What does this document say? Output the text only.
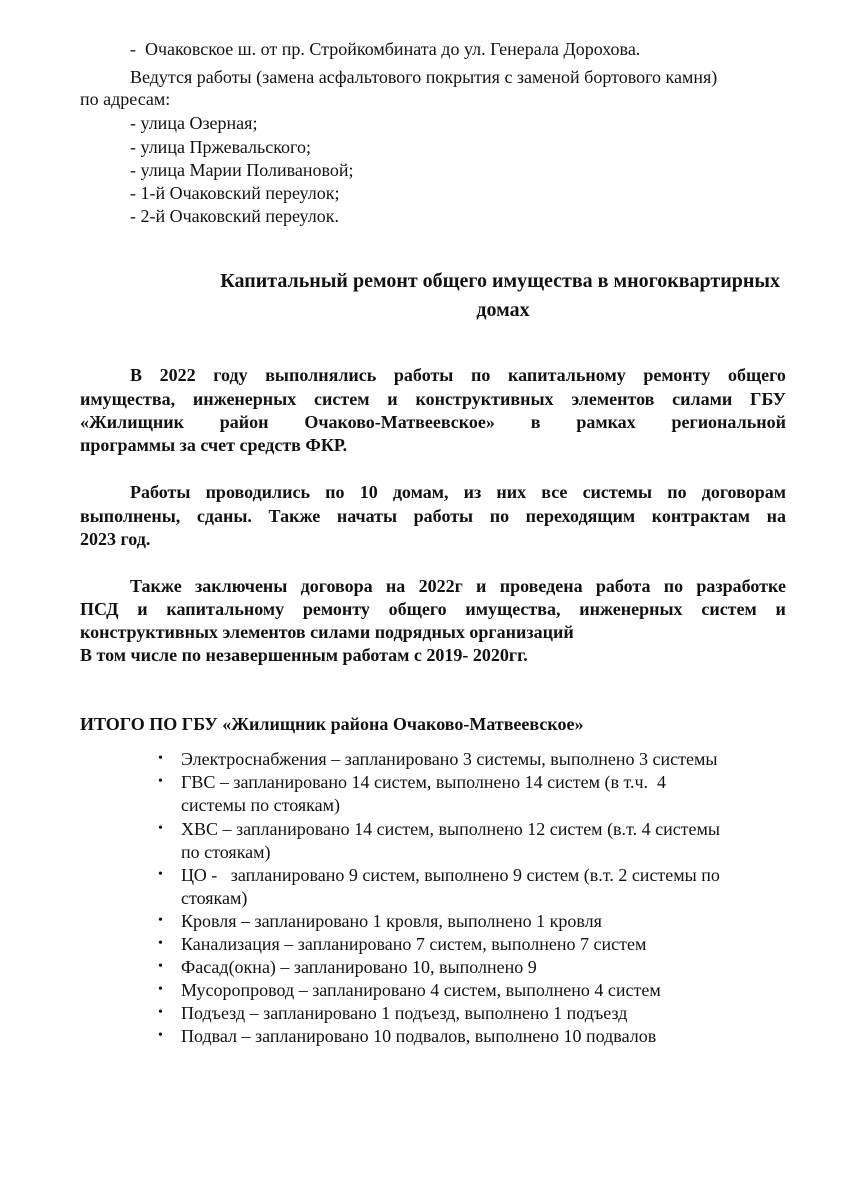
-  Очаковское ш. от пр. Стройкомбината до ул. Генерала Дорохова.
Ведутся работы (замена асфальтового покрытия с заменой бортового камня)
по адресам:
- улица Озерная;
- улица Пржевальского;
- улица Марии Поливановой;
- 1-й Очаковский переулок;
- 2-й Очаковский переулок.
Капитальный ремонт общего имущества в многоквартирных
домах
В 2022 году выполнялись работы по капитальному ремонту общего
имущества, инженерных систем и конструктивных элементов силами ГБУ
«Жилищник район Очаково-Матвеевское» в рамках региональной
программы за счет средств ФКР.
Работы проводились по 10 домам, из них все системы по договорам
выполнены, сданы. Также начаты работы по переходящим контрактам на
2023 год.
Также заключены договора на 2022г и проведена работа по разработке
ПСД и капитальному ремонту общего имущества, инженерных систем и
конструктивных элементов силами подрядных организаций
В том числе по незавершенным работам с 2019- 2020гг.
ИТОГО ПО ГБУ «Жилищник района Очаково-Матвеевское»
• Электроснабжения – запланировано 3 системы, выполнено 3 системы
• ГВС – запланировано 14 систем, выполнено 14 систем (в т.ч.  4
системы по стоякам)
• ХВС – запланировано 14 систем, выполнено 12 систем (в.т. 4 системы
по стоякам)
• ЦО -   запланировано 9 систем, выполнено 9 систем (в.т. 2 системы по
стоякам)
• Кровля – запланировано 1 кровля, выполнено 1 кровля
• Канализация – запланировано 7 систем, выполнено 7 систем
• Фасад(окна) – запланировано 10, выполнено 9
• Мусоропровод – запланировано 4 систем, выполнено 4 систем
• Подъезд – запланировано 1 подъезд, выполнено 1 подъезд
• Подвал – запланировано 10 подвалов, выполнено 10 подвалов
